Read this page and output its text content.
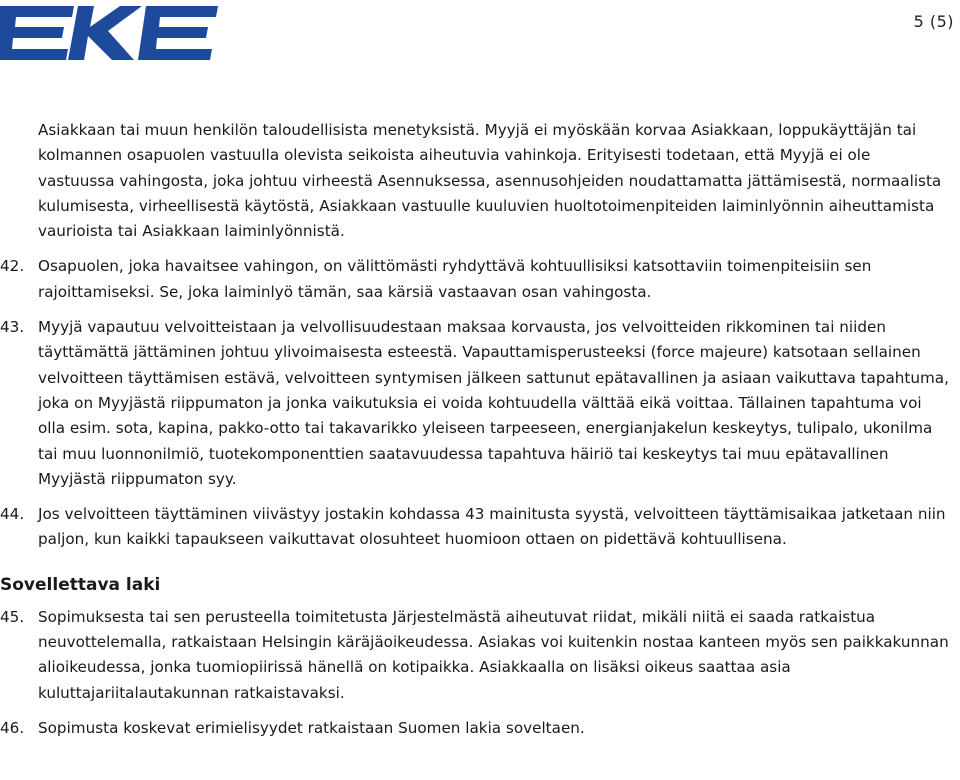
5 (5)

Asiakkaan tai muun henkilön taloudellisista menetyksistä. Myyjä ei myöskään korvaa Asiakkaan, loppukäyttäjän tai kolmannen osapuolen vastuulla olevista seikoista aiheutuvia vahinkoja. Erityisesti todetaan, että Myyjä ei ole vastuussa vahingosta, joka johtuu virheestä Asennuksessa, asennusohjeiden noudattamatta jättämisestä, normaalista kulumisesta, virheellisestä käytöstä, Asiakkaan vastuulle kuuluvien huoltotoimenpiteiden laiminlyönnin aiheuttamista vaurioista tai Asiakkaan laiminlyönnistä.

42. Osapuolen, joka havaitsee vahingon, on välittömästi ryhdyttävä kohtuullisiksi katsottaviin toimenpiteisiin sen rajoittamiseksi. Se, joka laiminlyö tämän, saa kärsiä vastaavan osan vahingosta.
43. Myyjä vapautuu velvoitteistaan ja velvollisuudestaan maksaa korvausta, jos velvoitteiden rikkominen tai niiden täyttämättä jättäminen johtuu ylivoimaisesta esteestä. Vapauttamisperusteeksi (force majeure) katsotaan sellainen velvoitteen täyttämisen estävä, velvoitteen syntymisen jälkeen sattunut epätavallinen ja asiaan vaikuttava tapahtuma, joka on Myyjästä riippumaton ja jonka vaikutuksia ei voida kohtuudella välttää eikä voittaa. Tällainen tapahtuma voi olla esim. sota, kapina, pakko-otto tai takavarikko yleiseen tarpeeseen, energianjakelun keskeytys, tulipalo, ukonilma tai muu luonnonilmiö, tuotekomponenttien saatavuudessa tapahtuva häiriö tai keskeytys tai muu epätavallinen Myyjästä riippumaton syy.
44. Jos velvoitteen täyttäminen viivästyy jostakin kohdassa 43 mainitusta syystä, velvoitteen täyttämisaikaa jatketaan niin paljon, kun kaikki tapaukseen vaikuttavat olosuhteet huomioon ottaen on pidettävä kohtuullisena.
Sovellettava laki
45. Sopimuksesta tai sen perusteella toimitetusta Järjestelmästä aiheutuvat riidat, mikäli niitä ei saada ratkaistua neuvottelemalla, ratkaistaan Helsingin käräjäoikeudessa. Asiakas voi kuitenkin nostaa kanteen myös sen paikkakunnan alioikeudessa, jonka tuomiopiirissä hänellä on kotipaikka. Asiakkaalla on lisäksi oikeus saattaa asia kuluttajariitalautakunnan ratkaistavaksi.
46. Sopimusta koskevat erimielisyydet ratkaistaan Suomen lakia soveltaen.
